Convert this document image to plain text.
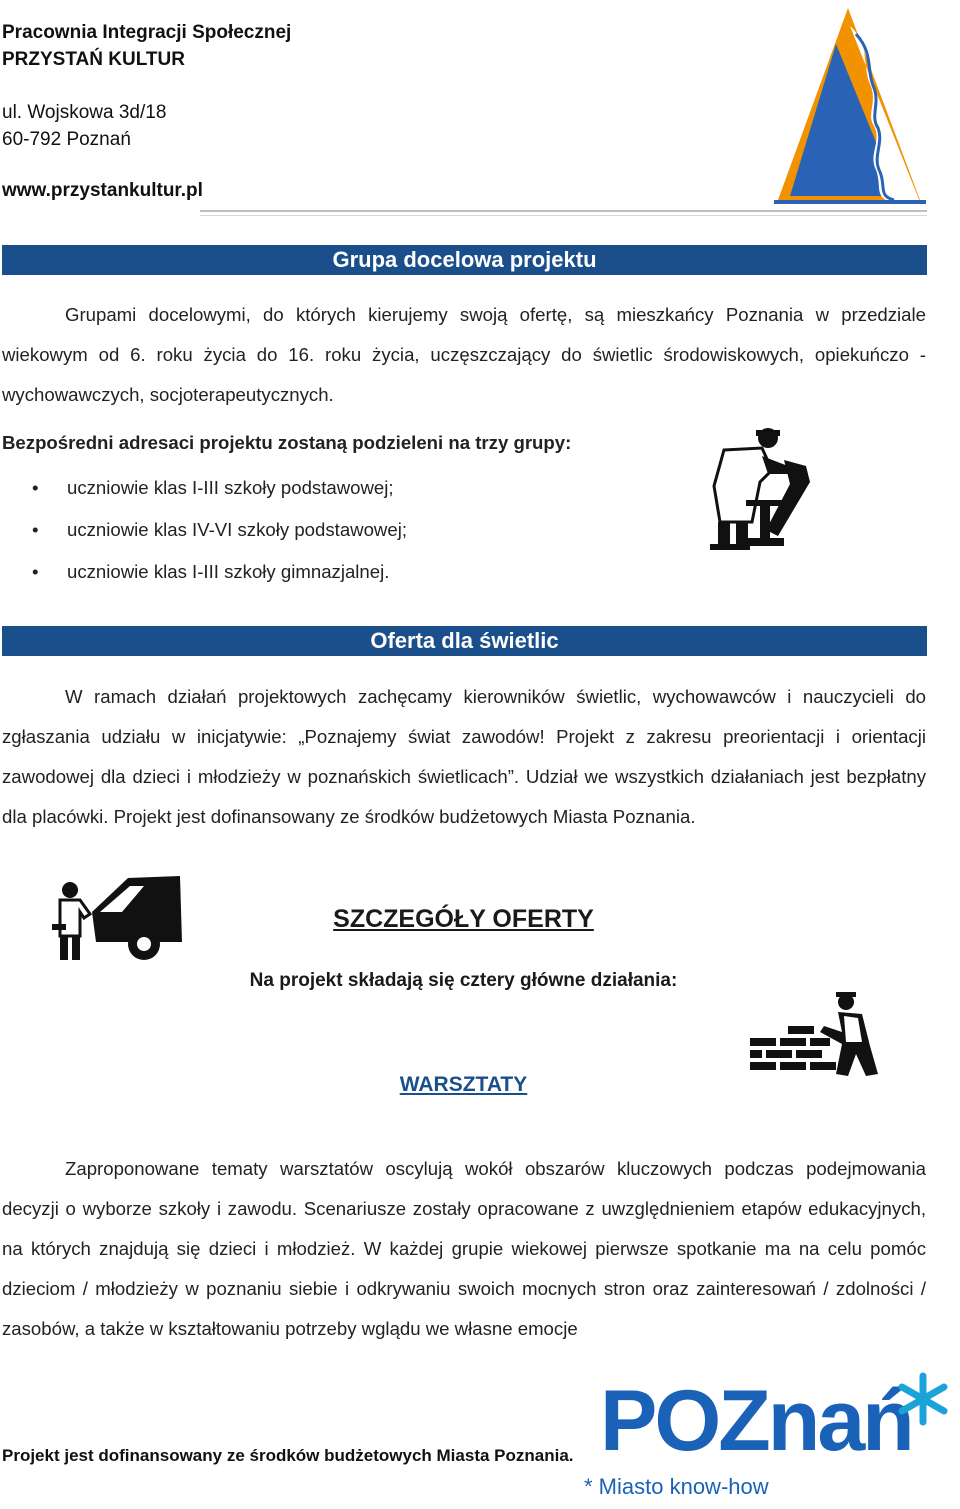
Pracownia Integracji Społecznej
PRZYSTAŃ KULTUR
ul. Wojskowa 3d/18
60-792 Poznań
www.przystankultur.pl
Grupa docelowa projektu
Grupami docelowymi, do których kierujemy swoją ofertę, są mieszkańcy Poznania w przedziale wiekowym od 6. roku życia do 16. roku życia, uczęszczający do świetlic środowiskowych, opiekuńczo -wychowawczych, socjoterapeutycznych.
Bezpośredni adresaci projektu zostaną podzieleni na trzy grupy:
• uczniowie klas I-III szkoły podstawowej;
• uczniowie klas IV-VI szkoły podstawowej;
• uczniowie klas I-III szkoły gimnazjalnej.
Oferta dla świetlic
W ramach działań projektowych zachęcamy kierowników świetlic, wychowawców i nauczycieli do zgłaszania udziału w inicjatywie: „Poznajemy świat zawodów! Projekt z zakresu preorientacji i orientacji zawodowej dla dzieci i młodzieży w poznańskich świetlicach”. Udział we wszystkich działaniach jest bezpłatny dla placówki. Projekt jest dofinansowany ze środków budżetowych Miasta Poznania.
SZCZEGÓŁY OFERTY
Na projekt składają się cztery główne działania:
WARSZTATY
Zaproponowane tematy warsztatów oscylują wokół obszarów kluczowych podczas podejmowania decyzji o wyborze szkoły i zawodu. Scenariusze zostały opracowane z uwzględnieniem etapów edukacyjnych, na których znajdują się dzieci i młodzież. W każdej grupie wiekowej pierwsze spotkanie ma na celu pomóc dzieciom / młodzieży w poznaniu siebie i odkrywaniu swoich mocnych stron oraz zainteresowań / zdolności / zasobów, a także w kształtowaniu potrzeby wglądu we własne emocje
Projekt jest dofinansowany ze środków budżetowych Miasta Poznania. POZnań
* Miasto know-how
